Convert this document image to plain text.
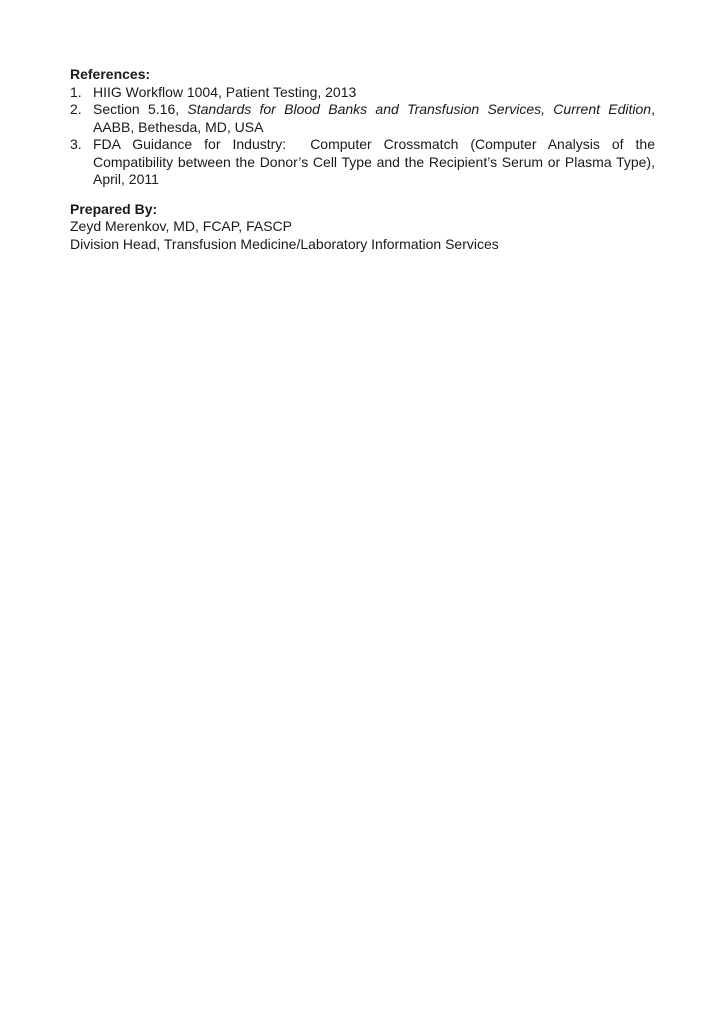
References:

1. HIIG Workflow 1004, Patient Testing, 2013
2. Section 5.16, Standards for Blood Banks and Transfusion Services, Current Edition, AABB, Bethesda, MD, USA
3. FDA Guidance for Industry:  Computer Crossmatch (Computer Analysis of the Compatibility between the Donor’s Cell Type and the Recipient’s Serum or Plasma Type), April, 2011

Prepared By:

Zeyd Merenkov, MD, FCAP, FASCP

Division Head, Transfusion Medicine/Laboratory Information Services
